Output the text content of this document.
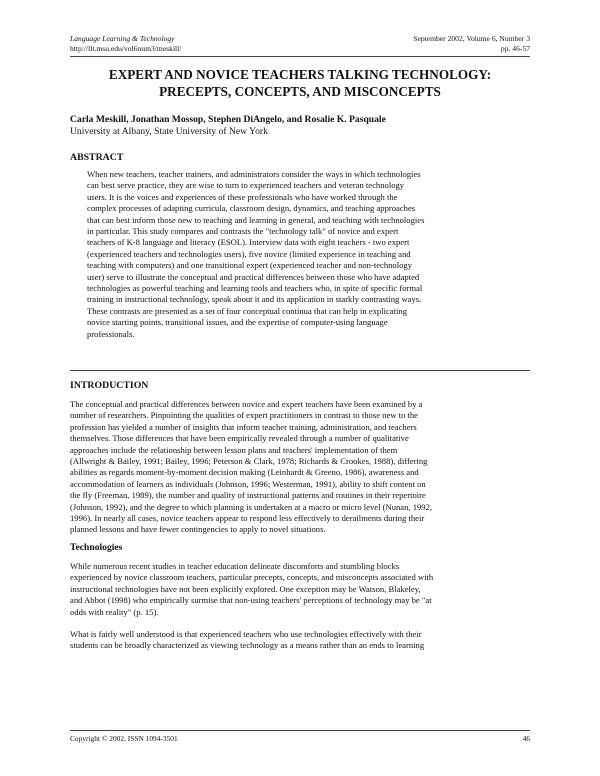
Language Learning & Technology	September 2002, Volume 6, Number 3
http://llt.msu.edu/vol6num3/meskill/	pp. 46-57
EXPERT AND NOVICE TEACHERS TALKING TECHNOLOGY:
PRECEPTS, CONCEPTS, AND MISCONCEPTS
Carla Meskill, Jonathan Mossop, Stephen DiAngelo, and Rosalie K. Pasquale
University at Albany, State University of New York
ABSTRACT
When new teachers, teacher trainers, and administrators consider the ways in which technologies
can best serve practice, they are wise to turn to experienced teachers and veteran technology
users. It is the voices and experiences of these professionals who have worked through the
complex processes of adapting curricula, classroom design, dynamics, and teaching approaches
that can best inform those new to teaching and learning in general, and teaching with technologies
in particular. This study compares and contrasts the "technology talk" of novice and expert
teachers of K-8 language and literacy (ESOL). Interview data with eight teachers - two expert
(experienced teachers and technologies users), five novice (limited experience in teaching and
teaching with computers) and one transitional expert (experienced teacher and non-technology
user) serve to illustrate the conceptual and practical differences between those who have adapted
technologies as powerful teaching and learning tools and teachers who, in spite of specific formal
training in instructional technology, speak about it and its application in starkly contrasting ways.
These contrasts are presented as a set of four conceptual continua that can help in explicating
novice starting points, transitional issues, and the expertise of computer-using language
professionals.
INTRODUCTION
The conceptual and practical differences between novice and expert teachers have been examined by a
number of researchers. Pinpointing the qualities of expert practitioners in contrast to those new to the
profession has yielded a number of insights that inform teacher training, administration, and teachers
themselves. Those differences that have been empirically revealed through a number of qualitative
approaches include the relationship between lesson plans and teachers' implementation of them
(Allwright & Bailey, 1991; Bailey, 1996; Peterson & Clark, 1978; Richards & Crookes, 1988), differing
abilities as regards moment-by-moment decision making (Leinhardt & Greeno, 1986), awareness and
accommodation of learners as individuals (Johnson, 1996; Westerman, 1991), ability to shift content on
the fly (Freeman, 1989), the number and quality of instructional patterns and routines in their repertoire
(Johnson, 1992), and the degree to which planning is undertaken at a macro or micro level (Nunan, 1992,
1996). In nearly all cases, novice teachers appear to respond less effectively to derailments during their
planned lessons and have fewer contingencies to apply to novel situations.
Technologies
While numerous recent studies in teacher education delineate discomforts and stumbling blocks
experienced by novice classroom teachers, particular precepts, concepts, and misconcepts associated with
instructional technologies have not been explicitly explored. One exception may be Watson, Blakeley,
and Abbot (1998) who empirically surmise that non-using teachers' perceptions of technology may be "at
odds with reality" (p. 15).
What is fairly well understood is that experienced teachers who use technologies effectively with their
students can be broadly characterized as viewing technology as a means rather than an ends to learning
Copyright © 2002, ISSN 1094-3501	46
